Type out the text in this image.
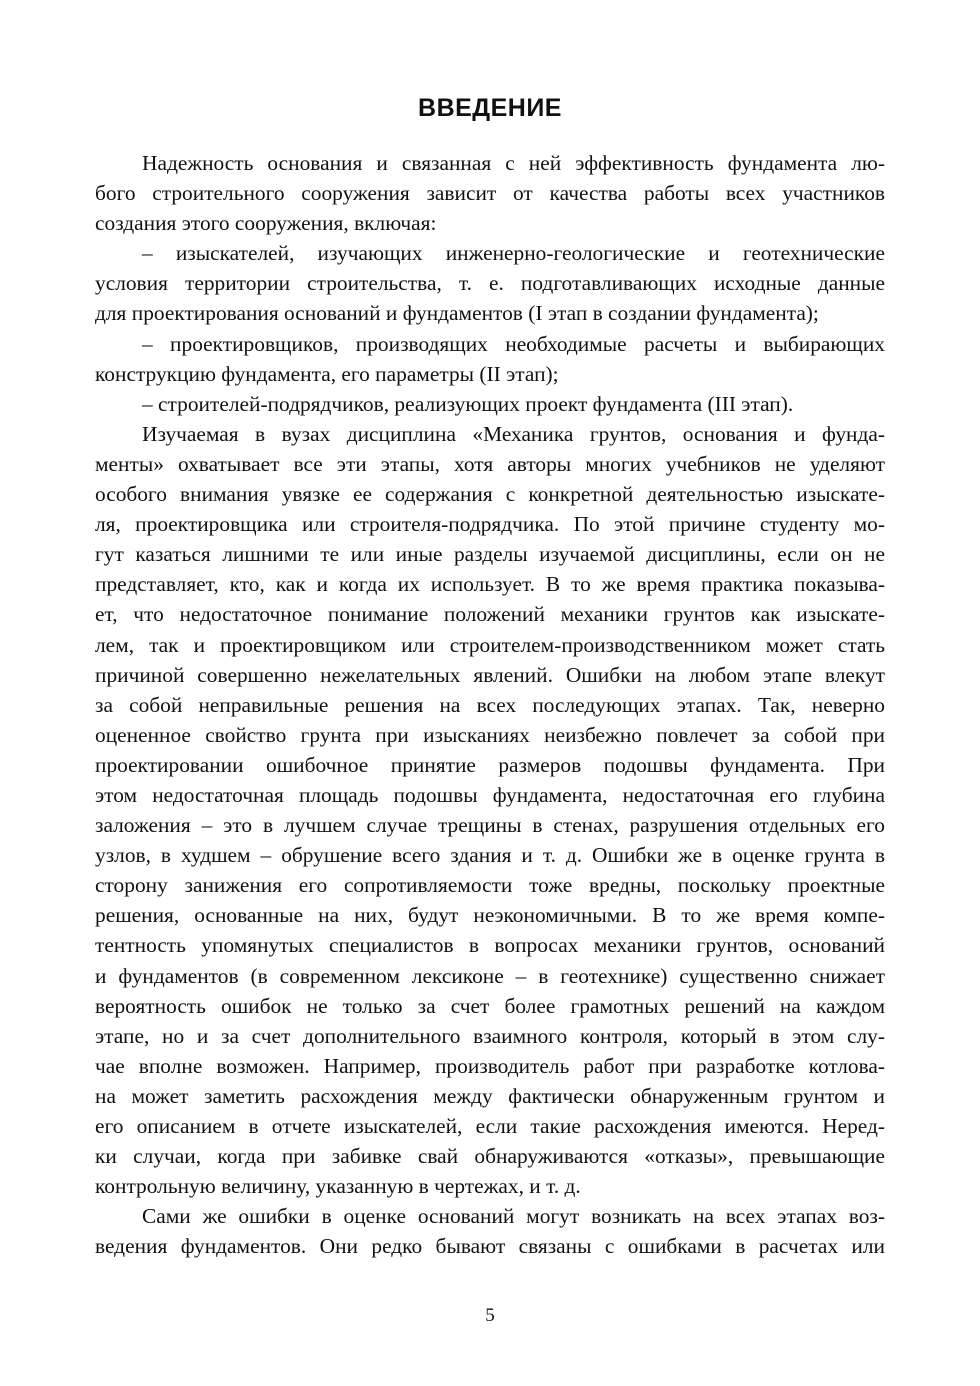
ВВЕДЕНИЕ
Надежность основания и связанная с ней эффективность фундамента лю-
бого строительного сооружения зависит от качества работы всех участников
создания этого сооружения, включая:
– изыскателей, изучающих инженерно-геологические и геотехнические
условия территории строительства, т. е. подготавливающих исходные данные
для проектирования оснований и фундаментов (I этап в создании фундамента);
– проектировщиков, производящих необходимые расчеты и выбирающих
конструкцию фундамента, его параметры (II этап);
– строителей-подрядчиков, реализующих проект фундамента (III этап).
Изучаемая в вузах дисциплина «Механика грунтов, основания и фунда-
менты» охватывает все эти этапы, хотя авторы многих учебников не уделяют
особого внимания увязке ее содержания с конкретной деятельностью изыскате-
ля, проектировщика или строителя-подрядчика. По этой причине студенту мо-
гут казаться лишними те или иные разделы изучаемой дисциплины, если он не
представляет, кто, как и когда их использует. В то же время практика показыва-
ет, что недостаточное понимание положений механики грунтов как изыскате-
лем, так и проектировщиком или строителем-производственником может стать
причиной совершенно нежелательных явлений. Ошибки на любом этапе влекут
за собой неправильные решения на всех последующих этапах. Так, неверно
оцененное свойство грунта при изысканиях неизбежно повлечет за собой при
проектировании ошибочное принятие размеров подошвы фундамента. При
этом недостаточная площадь подошвы фундамента, недостаточная его глубина
заложения – это в лучшем случае трещины в стенах, разрушения отдельных его
узлов, в худшем – обрушение всего здания и т. д. Ошибки же в оценке грунта в
сторону занижения его сопротивляемости тоже вредны, поскольку проектные
решения, основанные на них, будут неэкономичными. В то же время компе-
тентность упомянутых специалистов в вопросах механики грунтов, оснований
и фундаментов (в современном лексиконе – в геотехнике) существенно снижает
вероятность ошибок не только за счет более грамотных решений на каждом
этапе, но и за счет дополнительного взаимного контроля, который в этом слу-
чае вполне возможен. Например, производитель работ при разработке котлова-
на может заметить расхождения между фактически обнаруженным грунтом и
его описанием в отчете изыскателей, если такие расхождения имеются. Неред-
ки случаи, когда при забивке свай обнаруживаются «отказы», превышающие
контрольную величину, указанную в чертежах, и т. д.
Сами же ошибки в оценке оснований могут возникать на всех этапах воз-
ведения фундаментов. Они редко бывают связаны с ошибками в расчетах или
5
